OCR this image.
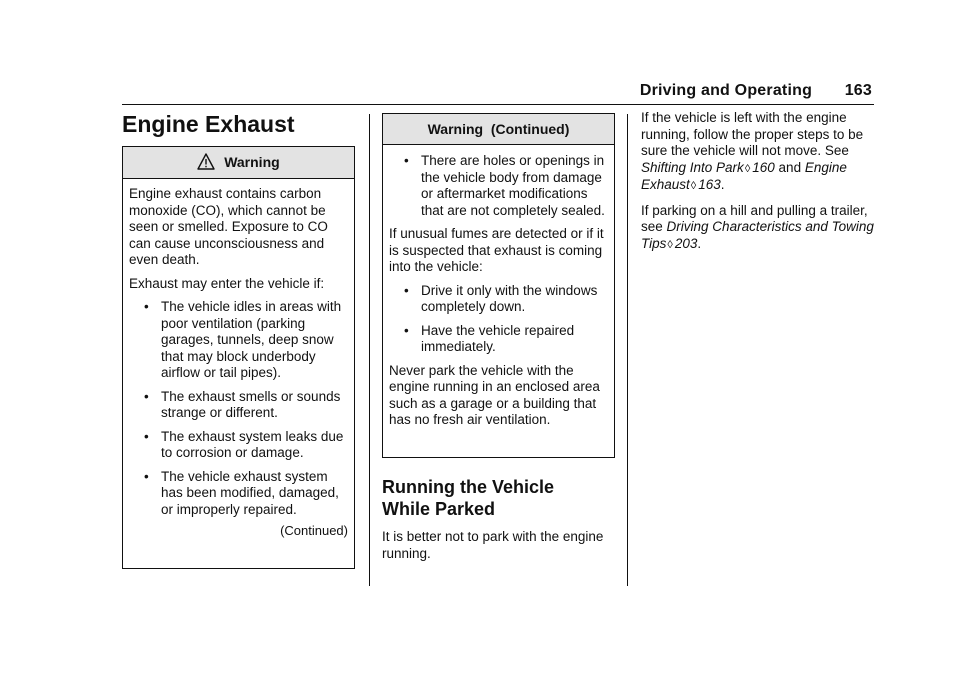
Driving and Operating 163
Engine Exhaust
Warning

Engine exhaust contains carbon monoxide (CO), which cannot be seen or smelled. Exposure to CO can cause unconsciousness and even death.

Exhaust may enter the vehicle if:

• The vehicle idles in areas with poor ventilation (parking garages, tunnels, deep snow that may block underbody airflow or tail pipes).
• The exhaust smells or sounds strange or different.
• The exhaust system leaks due to corrosion or damage.
• The vehicle exhaust system has been modified, damaged, or improperly repaired.
(Continued)
Warning  (Continued)
• There are holes or openings in the vehicle body from damage or aftermarket modifications that are not completely sealed.

If unusual fumes are detected or if it is suspected that exhaust is coming into the vehicle:

• Drive it only with the windows completely down.
• Have the vehicle repaired immediately.

Never park the vehicle with the engine running in an enclosed area such as a garage or a building that has no fresh air ventilation.

Running the Vehicle
While Parked

It is better not to park with the engine running.

If the vehicle is left with the engine running, follow the proper steps to be sure the vehicle will not move. See Shifting Into Park◊ 160 and Engine Exhaust◊ 163.

If parking on a hill and pulling a trailer, see Driving Characteristics and Towing Tips◊ 203.
